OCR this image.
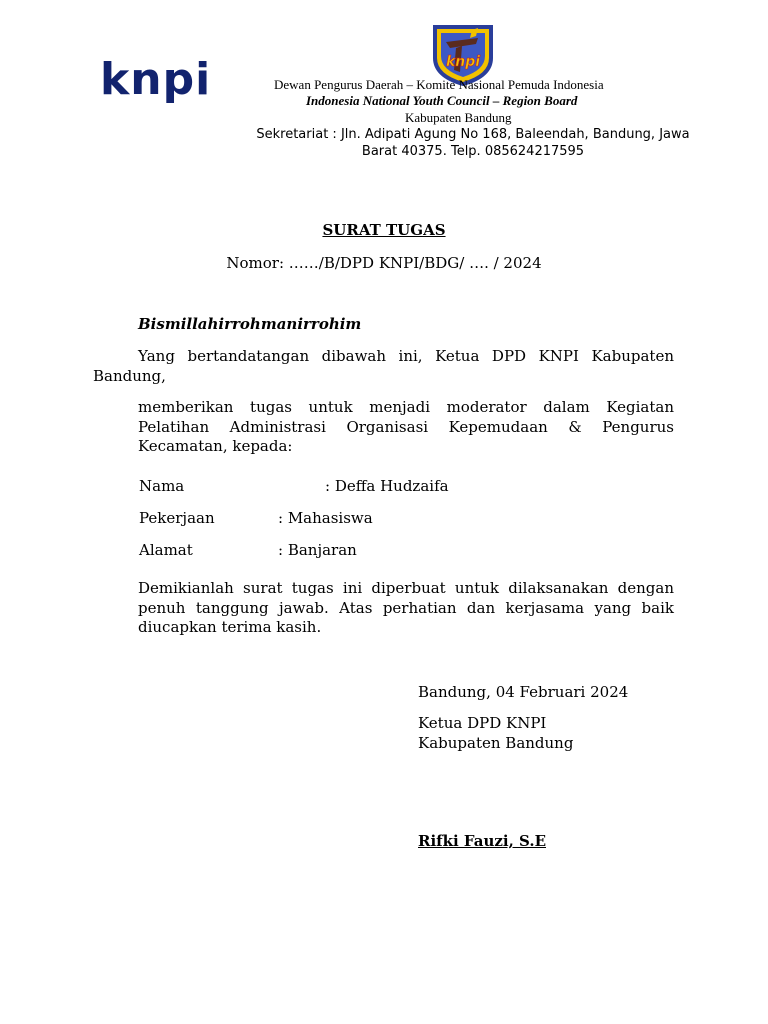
knpi	knpi
Dewan Pengurus Daerah – Komite Nasional Pemuda Indonesia
Indonesia National Youth Council – Region Board
Kabupaten Bandung
Sekretariat : Jln. Adipati Agung No 168, Baleendah, Bandung, Jawa Barat 40375. Telp. 085624217595
SURAT TUGAS
Nomor: ……/B/DPD KNPI/BDG/ …. / 2024
Bismillahirrohmanirrohim
Yang bertandatangan dibawah ini, Ketua DPD KNPI Kabupaten Bandung,
memberikan tugas untuk menjadi moderator dalam Kegiatan Pelatihan Administrasi Organisasi Kepemudaan & Pengurus Kecamatan, kepada:
Nama	: Deffa Hudzaifa
Pekerjaan	: Mahasiswa
Alamat	: Banjaran
Demikianlah surat tugas ini diperbuat untuk dilaksanakan dengan penuh tanggung jawab. Atas perhatian dan kerjasama yang baik diucapkan terima kasih.
Bandung, 04 Februari 2024
Ketua DPD KNPI
Kabupaten Bandung
Rifki Fauzi, S.E
